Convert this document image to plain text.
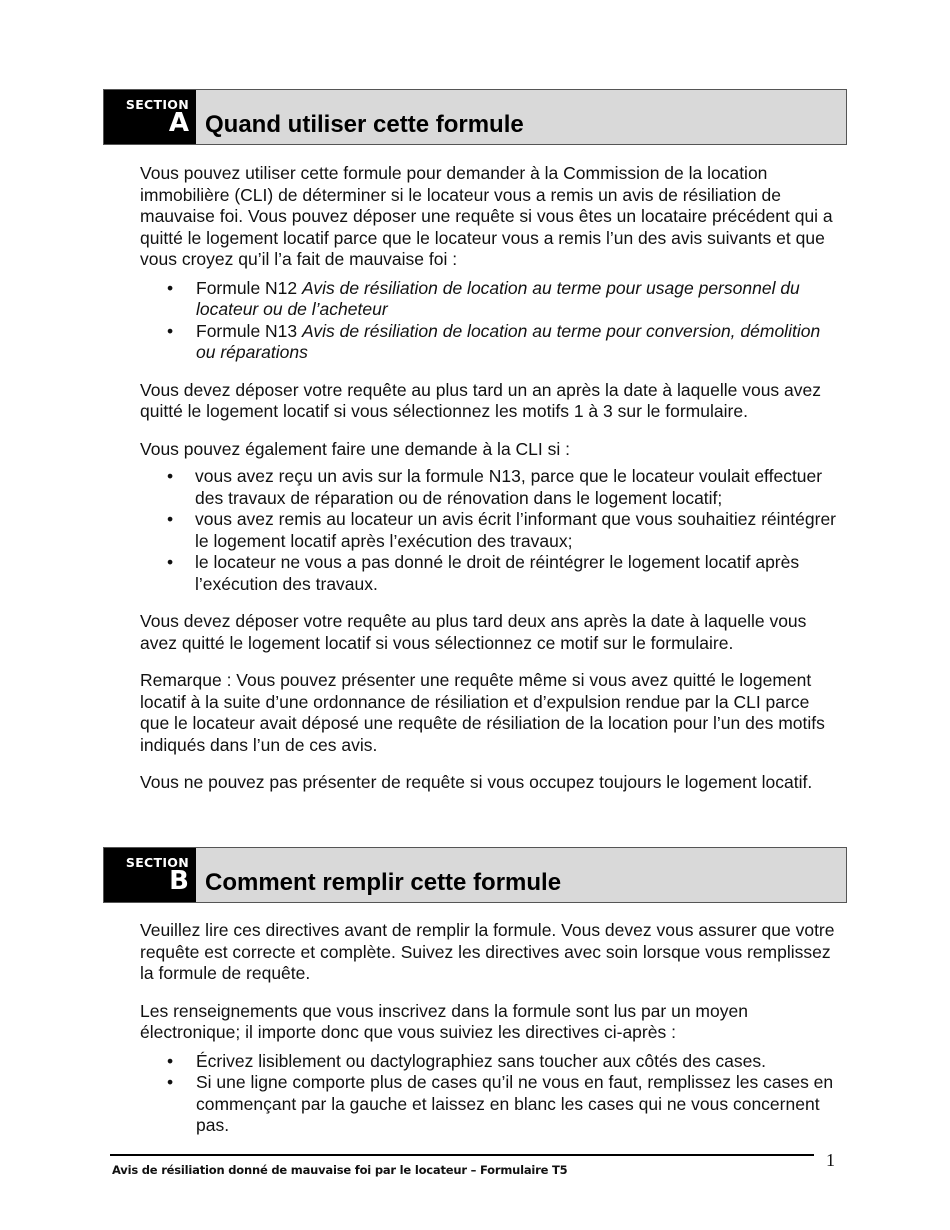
SECTION
A Quand utiliser cette formule

Vous pouvez utiliser cette formule pour demander à la Commission de la location immobilière (CLI) de déterminer si le locateur vous a remis un avis de résiliation de mauvaise foi. Vous pouvez déposer une requête si vous êtes un locataire précédent qui a quitté le logement locatif parce que le locateur vous a remis l’un des avis suivants et que vous croyez qu’il l’a fait de mauvaise foi :

• Formule N12 Avis de résiliation de location au terme pour usage personnel du locateur ou de l’acheteur
• Formule N13 Avis de résiliation de location au terme pour conversion, démolition ou réparations

Vous devez déposer votre requête au plus tard un an après la date à laquelle vous avez quitté le logement locatif si vous sélectionnez les motifs 1 à 3 sur le formulaire.

Vous pouvez également faire une demande à la CLI si :

• vous avez reçu un avis sur la formule N13, parce que le locateur voulait effectuer des travaux de réparation ou de rénovation dans le logement locatif;
• vous avez remis au locateur un avis écrit l’informant que vous souhaitiez réintégrer le logement locatif après l’exécution des travaux;
• le locateur ne vous a pas donné le droit de réintégrer le logement locatif après l’exécution des travaux.

Vous devez déposer votre requête au plus tard deux ans après la date à laquelle vous avez quitté le logement locatif si vous sélectionnez ce motif sur le formulaire.

Remarque : Vous pouvez présenter une requête même si vous avez quitté le logement locatif à la suite d’une ordonnance de résiliation et d’expulsion rendue par la CLI parce que le locateur avait déposé une requête de résiliation de la location pour l’un des motifs indiqués dans l’un de ces avis.

Vous ne pouvez pas présenter de requête si vous occupez toujours le logement locatif.

SECTION
B Comment remplir cette formule

Veuillez lire ces directives avant de remplir la formule. Vous devez vous assurer que votre requête est correcte et complète. Suivez les directives avec soin lorsque vous remplissez la formule de requête.

Les renseignements que vous inscrivez dans la formule sont lus par un moyen électronique; il importe donc que vous suiviez les directives ci-après :

• Écrivez lisiblement ou dactylographiez sans toucher aux côtés des cases.
• Si une ligne comporte plus de cases qu’il ne vous en faut, remplissez les cases en commençant par la gauche et laissez en blanc les cases qui ne vous concernent pas.
Avis de résiliation donné de mauvaise foi par le locateur – Formulaire T5	1
